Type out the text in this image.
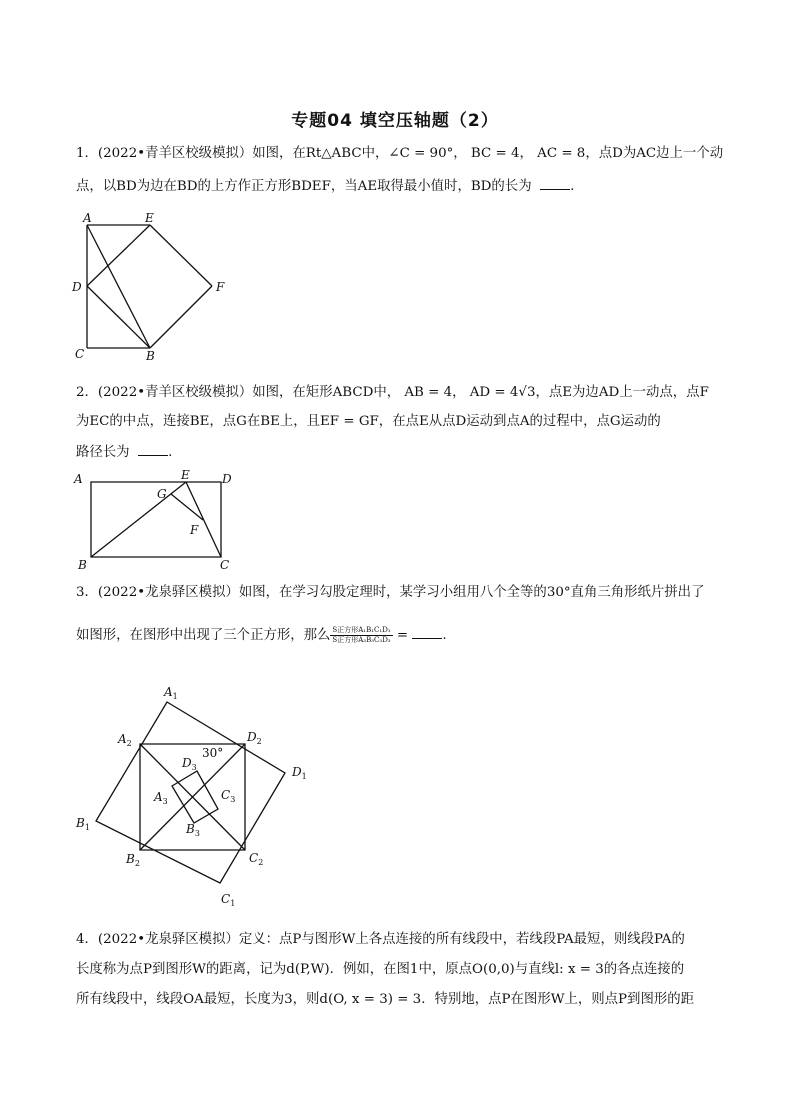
专题04 填空压轴题（2）
1．(2022•青羊区校级模拟）如图，在Rt△ABC中，∠C = 90°， BC = 4， AC = 8，点D为AC边上一个动
点，以BD为边在BD的上方作正方形BDEF，当AE取得最小值时，BD的长为	.
A	E
D	F
C	B
2．(2022•青羊区校级模拟）如图，在矩形ABCD中， AB = 4， AD = 4√3，点E为边AD上一动点，点F
为EC的中点，连接BE，点G在BE上，且EF = GF，在点E从点D运动到点A的过程中，点G运动的
路径长为	.
A	E	D
G
F
B	C
3．(2022•龙泉驿区模拟）如图，在学习勾股定理时，某学习小组用八个全等的30°直角三角形纸片拼出了
如图形，在图形中出现了三个正方形，那么 $\frac{\text{S正方形A₁B₁C₁D₁}}{\text{S正方形A₃B₃C₃D₃}}$ =	.
$A_1$
$A_2$	$D_2$
30°
$D_3$	$D_1$
$A_3$	$C_3$
$B_1$	$B_3$
$B_2$	$C_2$
$C_1$
4．(2022•龙泉驿区模拟）定义：点P与图形W上各点连接的所有线段中，若线段PA最短，则线段PA的
长度称为点P到图形W的距离，记为d(P,W)．例如，在图1中，原点O(0,0)与直线l: x = 3的各点连接的
所有线段中，线段OA最短，长度为3，则d(O, x = 3) = 3．特别地，点P在图形W上，则点P到图形的距
